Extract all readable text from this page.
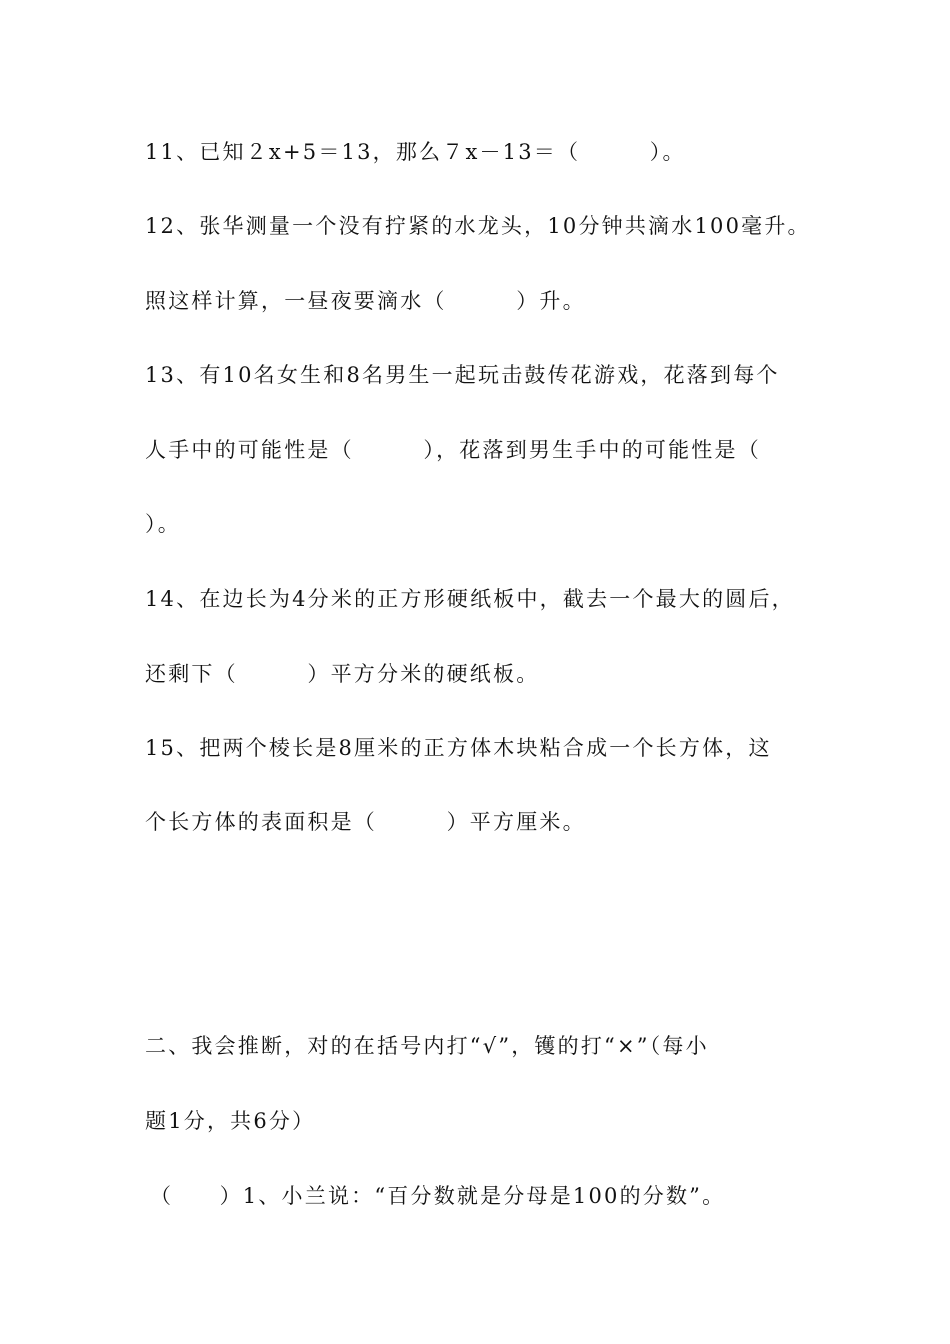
11、已知２x+5＝13，那么７x－13＝（　　　）。
12、张华测量一个没有拧紧的水龙头，10分钟共滴水100毫升。
照这样计算，一昼夜要滴水（　　　）升。
13、有10名女生和8名男生一起玩击鼓传花游戏，花落到每个
人手中的可能性是（　　　），花落到男生手中的可能性是（
）。
14、在边长为4分米的正方形硬纸板中，截去一个最大的圆后，
还剩下（　　　）平方分米的硬纸板。
15、把两个棱长是8厘米的正方体木块粘合成一个长方体，这
个长方体的表面积是（　　　）平方厘米。
二、我会推断，对的在括号内打“√”，镬的打“×”（每小
题1分，共6分）
（　　）1、小兰说：“百分数就是分母是100的分数”。
